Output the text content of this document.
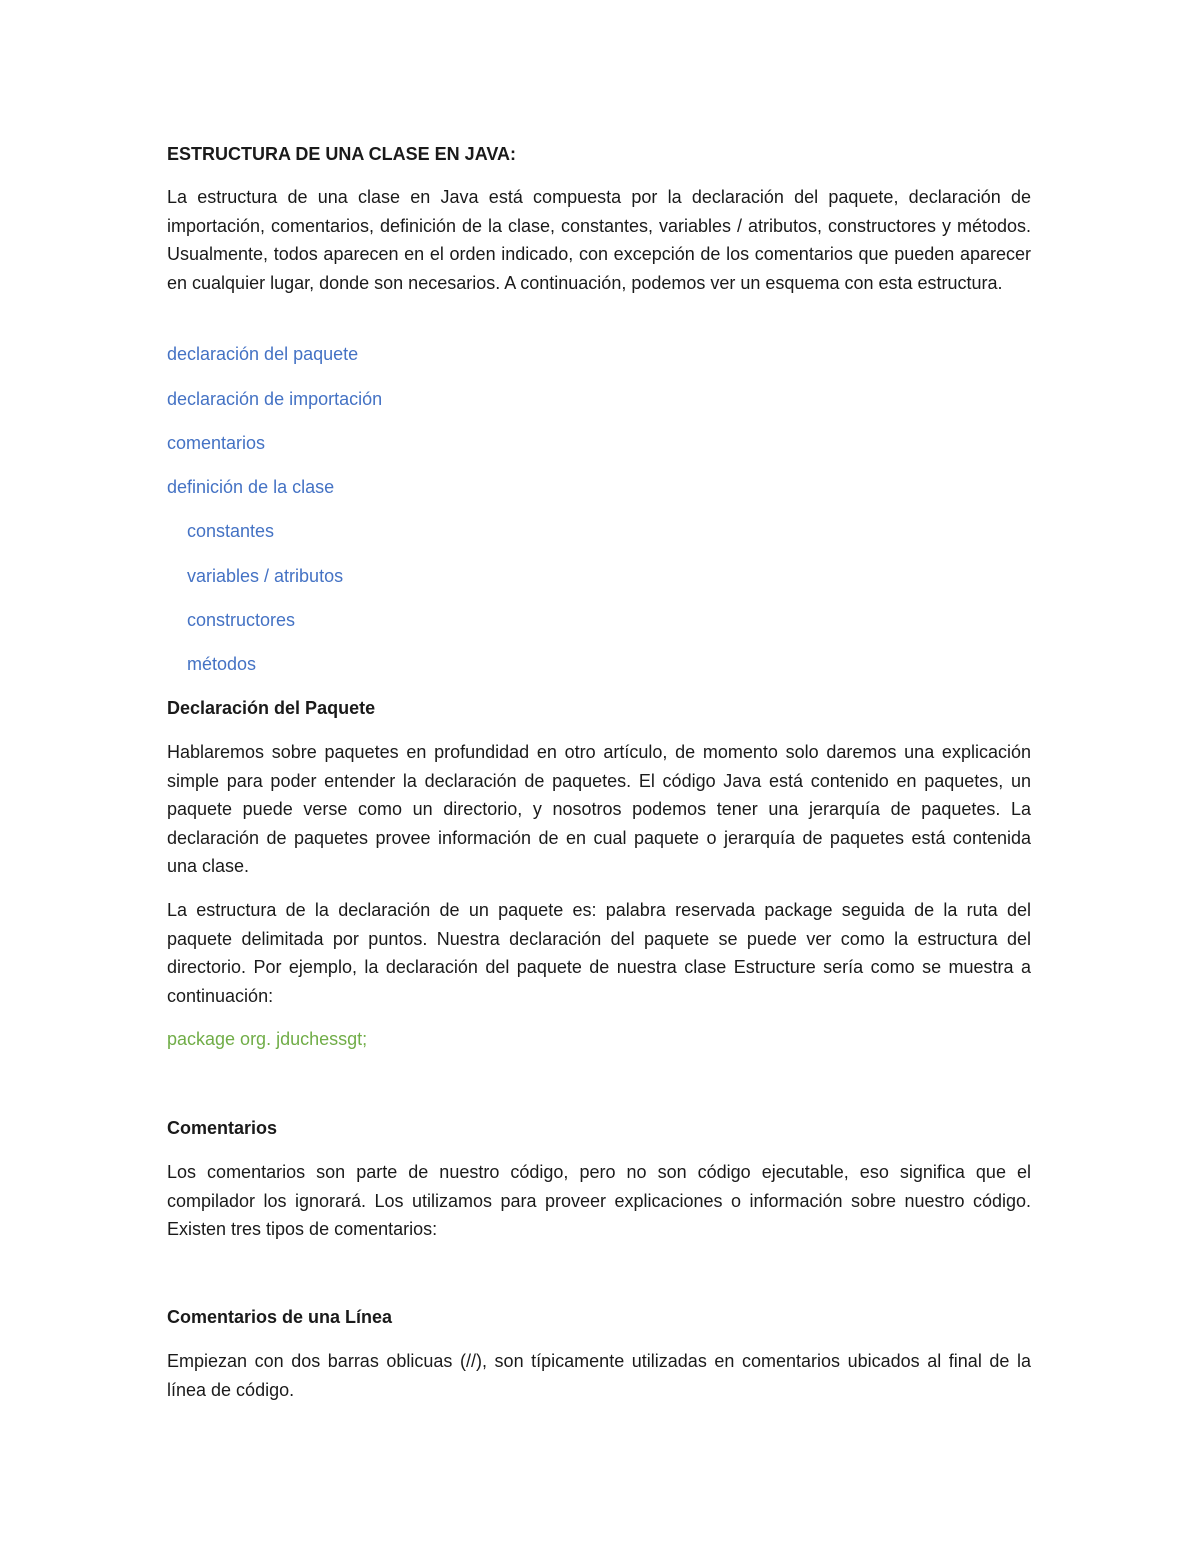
ESTRUCTURA DE UNA CLASE EN JAVA:

La estructura de una clase en Java está compuesta por la declaración del paquete, declaración de importación, comentarios, definición de la clase, constantes, variables / atributos, constructores y métodos. Usualmente, todos aparecen en el orden indicado, con excepción de los comentarios que pueden aparecer en cualquier lugar, donde son necesarios. A continuación, podemos ver un esquema con esta estructura.

declaración del paquete

declaración de importación

comentarios

definición de la clase

constantes

variables / atributos

constructores

métodos

Declaración del Paquete

Hablaremos sobre paquetes en profundidad en otro artículo, de momento solo daremos una explicación simple para poder entender la declaración de paquetes. El código Java está contenido en paquetes, un paquete puede verse como un directorio, y nosotros podemos tener una jerarquía de paquetes. La declaración de paquetes provee información de en cual paquete o jerarquía de paquetes está contenida una clase.

La estructura de la declaración de un paquete es: palabra reservada package seguida de la ruta del paquete delimitada por puntos. Nuestra declaración del paquete se puede ver como la estructura del directorio. Por ejemplo, la declaración del paquete de nuestra clase Estructure sería como se muestra a continuación:

package org. jduchessgt;

Comentarios

Los comentarios son parte de nuestro código, pero no son código ejecutable, eso significa que el compilador los ignorará. Los utilizamos para proveer explicaciones o información sobre nuestro código. Existen tres tipos de comentarios:

Comentarios de una Línea

Empiezan con dos barras oblicuas (//), son típicamente utilizadas en comentarios ubicados al final de la línea de código.
